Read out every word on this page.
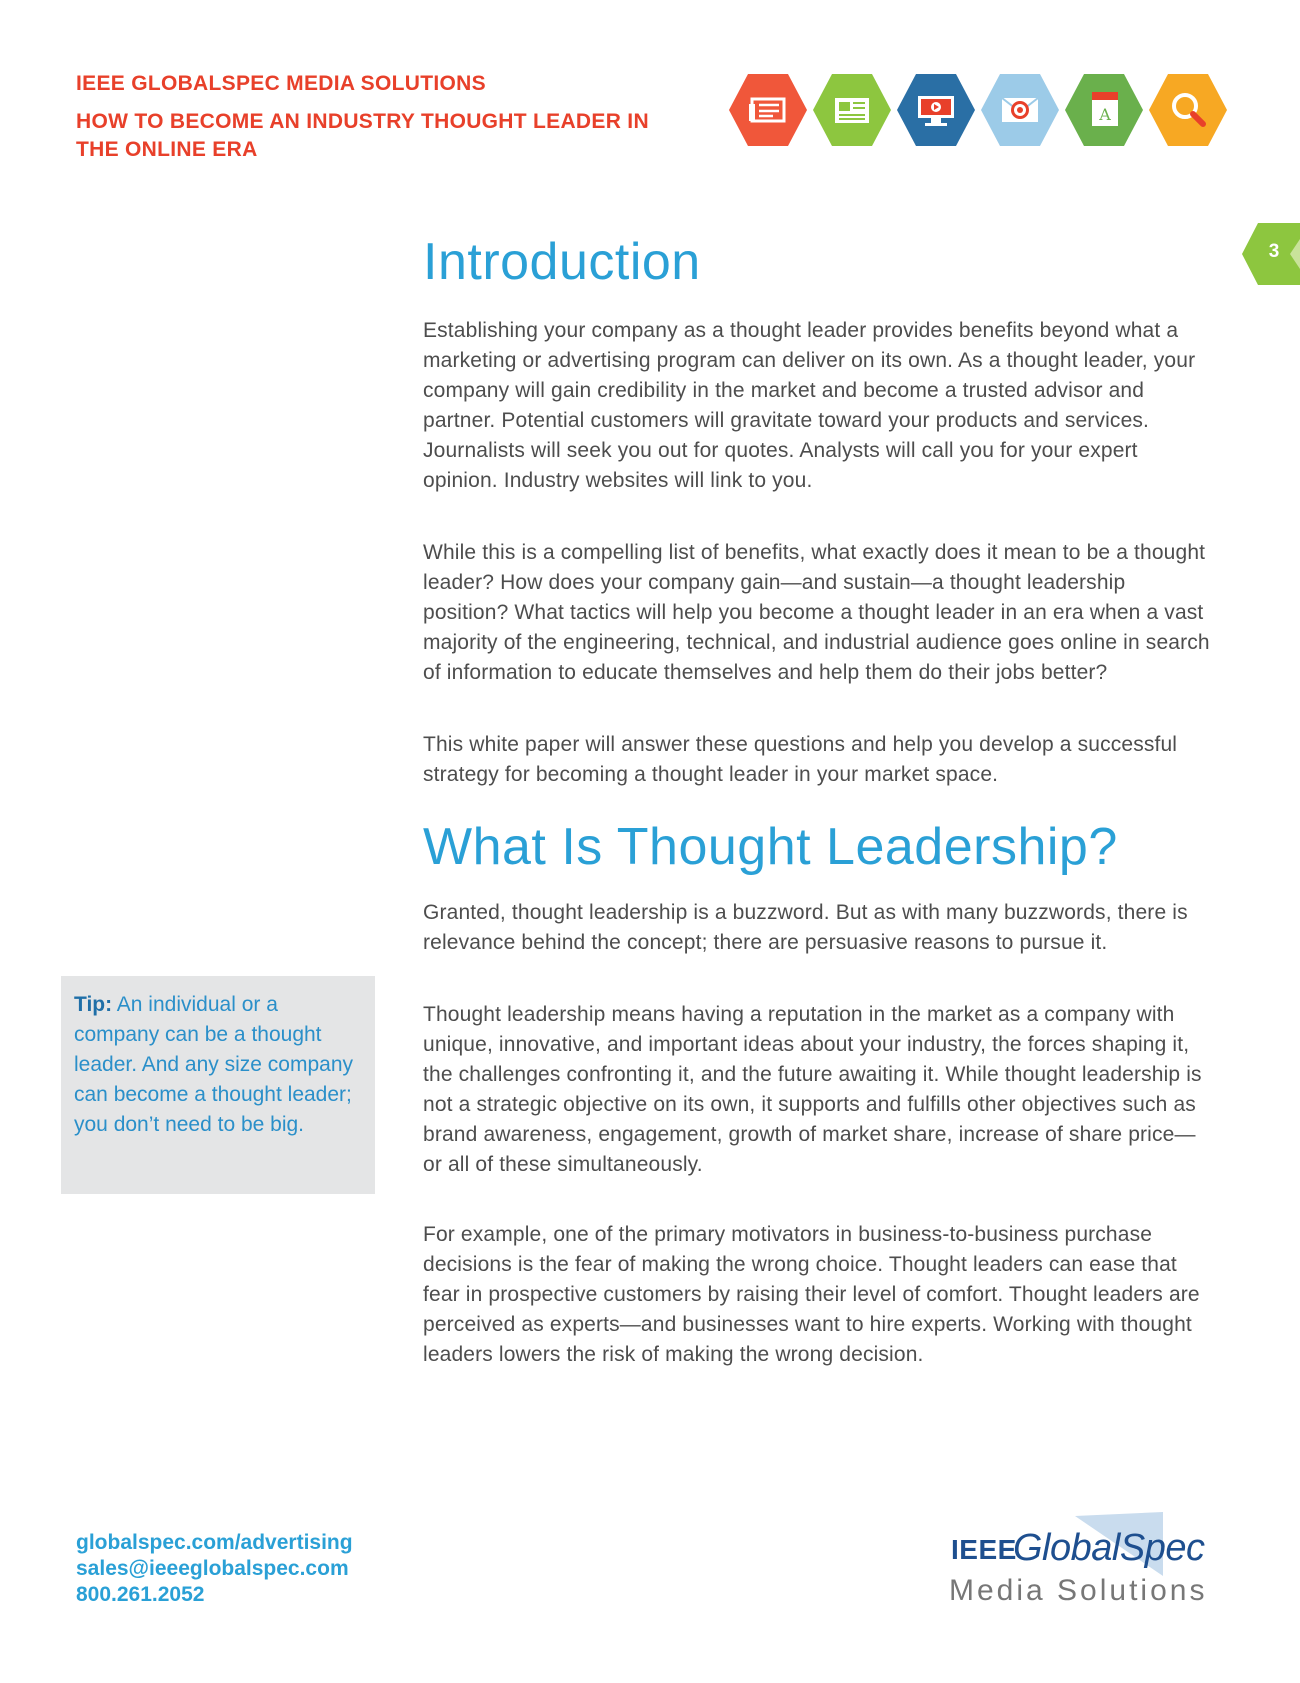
IEEE GLOBALSPEC MEDIA SOLUTIONS

HOW TO BECOME AN INDUSTRY THOUGHT LEADER IN THE ONLINE ERA

A
3
Introduction

Establishing your company as a thought leader provides benefits beyond what a marketing or advertising program can deliver on its own. As a thought leader, your company will gain credibility in the market and become a trusted advisor and partner. Potential customers will gravitate toward your products and services. Journalists will seek you out for quotes. Analysts will call you for your expert opinion. Industry websites will link to you.

While this is a compelling list of benefits, what exactly does it mean to be a thought leader? How does your company gain—and sustain—a thought leadership position? What tactics will help you become a thought leader in an era when a vast majority of the engineering, technical, and industrial audience goes online in search of information to educate themselves and help them do their jobs better?

This white paper will answer these questions and help you develop a successful strategy for becoming a thought leader in your market space.

What Is Thought Leadership?

Granted, thought leadership is a buzzword. But as with many buzzwords, there is relevance behind the concept; there are persuasive reasons to pursue it.

Thought leadership means having a reputation in the market as a company with unique, innovative, and important ideas about your industry, the forces shaping it, the challenges confronting it, and the future awaiting it. While thought leadership is not a strategic objective on its own, it supports and fulfills other objectives such as brand awareness, engagement, growth of market share, increase of share price—or all of these simultaneously.

For example, one of the primary motivators in business-to-business purchase decisions is the fear of making the wrong choice. Thought leaders can ease that fear in prospective customers by raising their level of comfort. Thought leaders are perceived as experts—and businesses want to hire experts. Working with thought leaders lowers the risk of making the wrong decision.

Tip: An individual or a company can be a thought leader. And any size company can become a thought leader; you don’t need to be big.

globalspec.com/advertising
sales@ieeeglobalspec.com
800.261.2052
IEEE
GlobalSpec
Media Solutions
